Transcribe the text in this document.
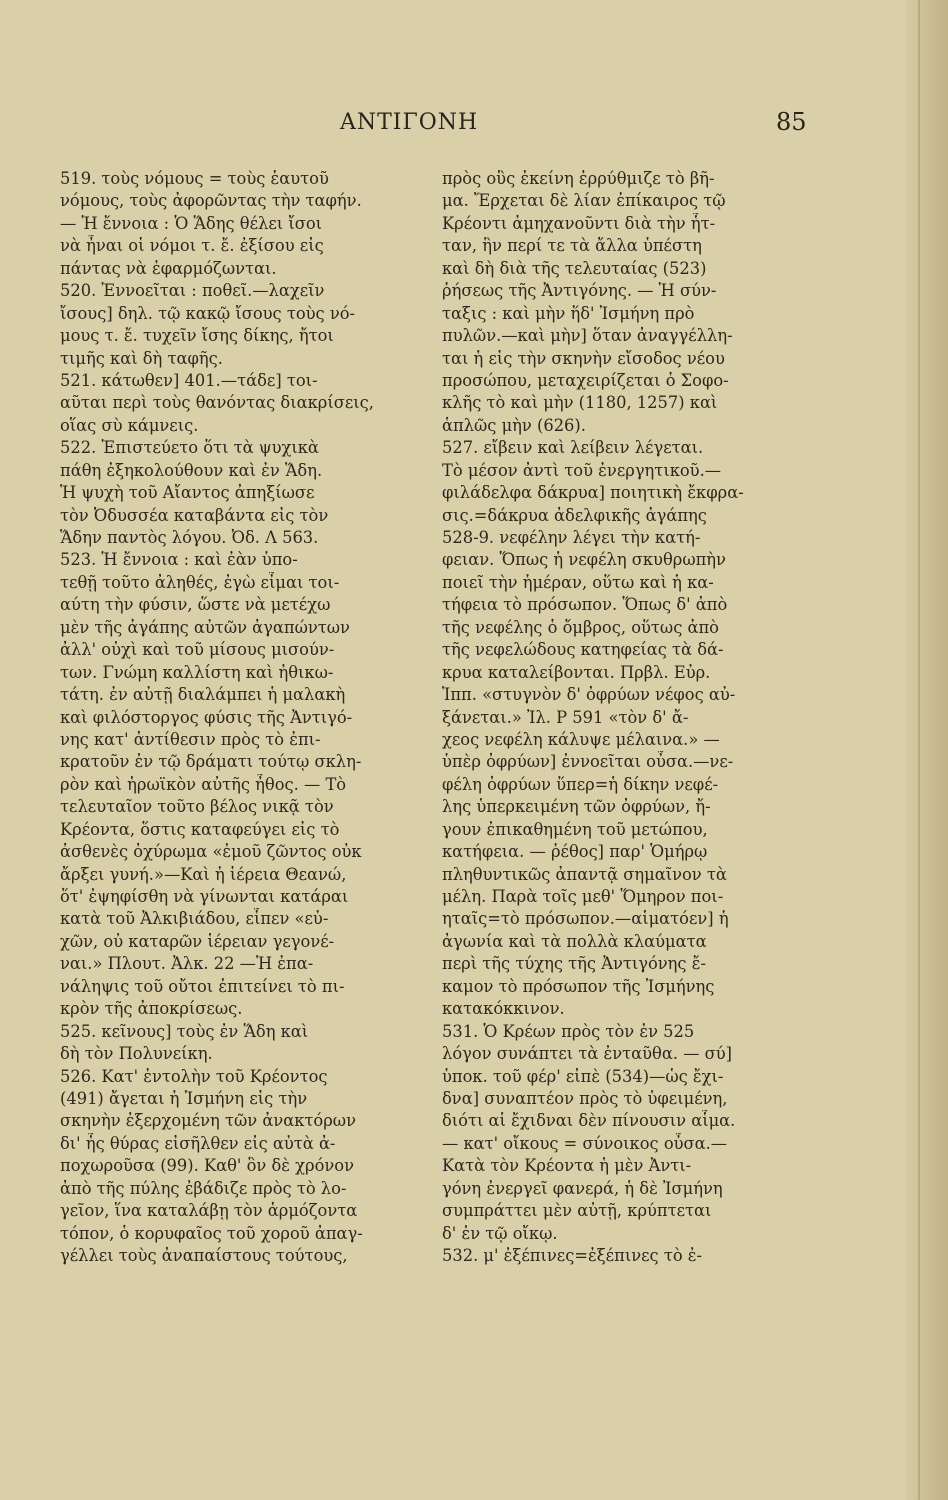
ΑΝΤΙΓΟΝΗ	85
519. τοὺς νόμους = τοὺς ἑαυτοῦ
νόμους, τοὺς ἀφορῶντας τὴν ταφήν.
— Ἡ ἔννοια : Ὁ Ἅδης θέλει ἴσοι
νὰ ἦναι οἱ νόμοι τ. ἔ. ἐξίσου εἰς
πάντας νὰ ἐφαρμόζωνται.
520. Ἐννοεῖται : ποθεῖ.—λαχεῖν
ἴσους] δηλ. τῷ κακῷ ἴσους τοὺς νό-
μους τ. ἔ. τυχεῖν ἴσης δίκης, ἤτοι
τιμῆς καὶ δὴ ταφῆς.
521. κάτωθεν] 401.—τάδε] τοι-
αῦται περὶ τοὺς θανόντας διακρίσεις,
οἵας σὺ κάμνεις.
522. Ἐπιστεύετο ὅτι τὰ ψυχικὰ
πάθη ἐξηκολούθουν καὶ ἐν Ἅδη.
Ἡ ψυχὴ τοῦ Αἴαντος ἀπηξίωσε
τὸν Ὀδυσσέα καταβάντα εἰς τὸν
Ἅδην παντὸς λόγου. Ὀδ. Λ 563.
523. Ἡ ἔννοια : καὶ ἐὰν ὑπο-
τεθῇ τοῦτο ἀληθές, ἐγὼ εἶμαι τοι-
αύτη τὴν φύσιν, ὥστε νὰ μετέχω
μὲν τῆς ἀγάπης αὐτῶν ἀγαπώντων
ἀλλ' οὐχὶ καὶ τοῦ μίσους μισούν-
των. Γνώμη καλλίστη καὶ ἠθικω-
τάτη. ἐν αὐτῇ διαλάμπει ἡ μαλακὴ
καὶ φιλόστοργος φύσις τῆς Ἀντιγό-
νης κατ' ἀντίθεσιν πρὸς τὸ ἐπι-
κρατοῦν ἐν τῷ δράματι τούτῳ σκλη-
ρὸν καὶ ἡρωϊκὸν αὐτῆς ἦθος. — Τὸ
τελευταῖον τοῦτο βέλος νικᾷ τὸν
Κρέοντα, ὅστις καταφεύγει εἰς τὸ
ἀσθενὲς ὀχύρωμα «ἐμοῦ ζῶντος οὐκ
ἄρξει γυνή.»—Καὶ ἡ ἱέρεια Θεανώ,
ὅτ' ἐψηφίσθη νὰ γίνωνται κατάραι
κατὰ τοῦ Ἀλκιβιάδου, εἶπεν «εὐ-
χῶν, οὐ καταρῶν ἱέρειαν γεγονέ-
ναι.» Πλουτ. Ἀλκ. 22 —Ἡ ἐπα-
νάληψις τοῦ οὔτοι ἐπιτείνει τὸ πι-
κρὸν τῆς ἀποκρίσεως.
525. κεῖνους] τοὺς ἐν Ἅδη καὶ
δὴ τὸν Πολυνείκη.
526. Κατ' ἐντολὴν τοῦ Κρέοντος
(491) ἄγεται ἡ Ἰσμήνη εἰς τὴν
σκηνὴν ἐξερχομένη τῶν ἀνακτόρων
δι' ἧς θύρας εἰσῆλθεν εἰς αὐτὰ ἀ-
ποχωροῦσα (99). Καθ' ὃν δὲ χρόνον
ἀπὸ τῆς πύλης ἐβάδιζε πρὸς τὸ λο-
γεῖον, ἵνα καταλάβῃ τὸν ἁρμόζοντα
τόπον, ὁ κορυφαῖος τοῦ χοροῦ ἀπαγ-
γέλλει τοὺς ἀναπαίστους τούτους,
πρὸς οὓς ἐκείνη ἐρρύθμιζε τὸ βῆ-
μα. Ἔρχεται δὲ λίαν ἐπίκαιρος τῷ
Κρέοντι ἀμηχανοῦντι διὰ τὴν ἧτ-
ταν, ἣν περί τε τὰ ἄλλα ὑπέστη
καὶ δὴ διὰ τῆς τελευταίας (523)
ῥήσεως τῆς Ἀντιγόνης. — Ἡ σύν-
ταξις : καὶ μὴν ἥδ' Ἰσμήνη πρὸ
πυλῶν.—καὶ μὴν] ὅταν ἀναγγέλλη-
ται ἡ εἰς τὴν σκηνὴν εἴσοδος νέου
προσώπου, μεταχειρίζεται ὁ Σοφο-
κλῆς τὸ καὶ μὴν (1180, 1257) καὶ
ἁπλῶς μὴν (626).
527. εἴβειν καὶ λείβειν λέγεται.
Τὸ μέσον ἀντὶ τοῦ ἐνεργητικοῦ.—
φιλάδελφα δάκρυα] ποιητικὴ ἔκφρα-
σις.=δάκρυα ἀδελφικῆς ἀγάπης
528-9. νεφέλην λέγει τὴν κατή-
φειαν. Ὅπως ἡ νεφέλη σκυθρωπὴν
ποιεῖ τὴν ἡμέραν, οὕτω καὶ ἡ κα-
τήφεια τὸ πρόσωπον. Ὅπως δ' ἀπὸ
τῆς νεφέλης ὁ ὄμβρος, οὕτως ἀπὸ
τῆς νεφελώδους κατηφείας τὰ δά-
κρυα καταλείβονται. Πρβλ. Εὐρ.
Ἱππ. «στυγνὸν δ' ὀφρύων νέφος αὐ-
ξάνεται.» Ἰλ. Ρ 591 «τὸν δ' ἄ-
χεος νεφέλη κάλυψε μέλαινα.» —
ὑπὲρ ὀφρύων] ἐννοεῖται οὖσα.—νε-
φέλη ὀφρύων ὕπερ=ἡ δίκην νεφέ-
λης ὑπερκειμένη τῶν ὀφρύων, ἤ-
γουν ἐπικαθημένη τοῦ μετώπου,
κατήφεια. — ῥέθος] παρ' Ὁμήρῳ
πληθυντικῶς ἀπαντᾷ σημαῖνον τὰ
μέλη. Παρὰ τοῖς μεθ' Ὅμηρον ποι-
ηταῖς=τὸ πρόσωπον.—αἱματόεν] ἡ
ἀγωνία καὶ τὰ πολλὰ κλαύματα
περὶ τῆς τύχης τῆς Ἀντιγόνης ἔ-
καμον τὸ πρόσωπον τῆς Ἰσμήνης
κατακόκκινον.
531. Ὁ Κρέων πρὸς τὸν ἐν 525
λόγον συνάπτει τὰ ἐνταῦθα. — σύ]
ὑποκ. τοῦ φέρ' εἰπὲ (534)—ὡς ἔχι-
δνα] συναπτέον πρὸς τὸ ὑφειμένη,
διότι αἱ ἔχιδναι δὲν πίνουσιν αἷμα.
— κατ' οἴκους = σύνοικος οὖσα.—
Κατὰ τὸν Κρέοντα ἡ μὲν Ἀντι-
γόνη ἐνεργεῖ φανερά, ἡ δὲ Ἰσμήνη
συμπράττει μὲν αὐτῇ, κρύπτεται
δ' ἐν τῷ οἴκῳ.
532. μ' ἐξέπινες=ἐξέπινες τὸ ἐ-
